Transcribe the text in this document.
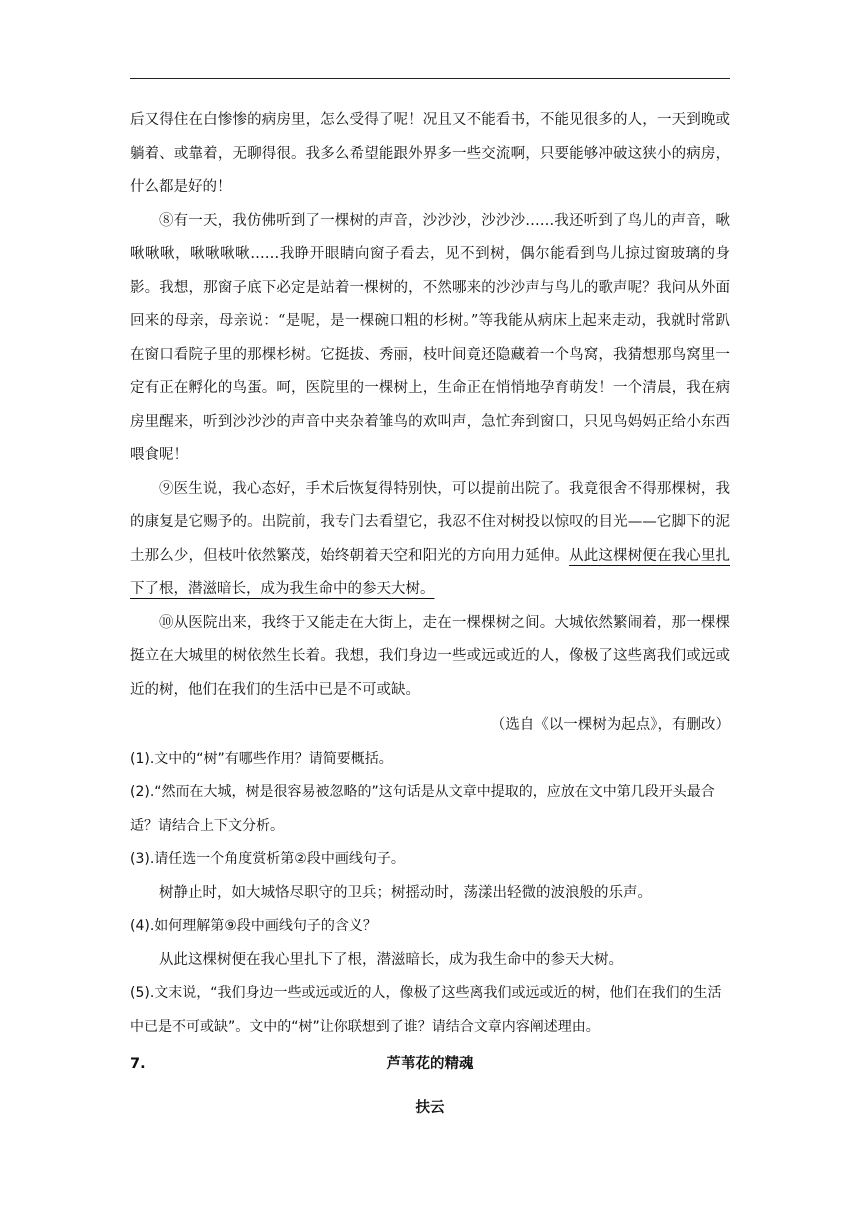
后又得住在白惨惨的病房里，怎么受得了呢！况且又不能看书，不能见很多的人，一天到晚或躺着、或靠着，无聊得很。我多么希望能跟外界多一些交流啊，只要能够冲破这狭小的病房，什么都是好的！

⑧有一天，我仿佛听到了一棵树的声音，沙沙沙，沙沙沙……我还听到了鸟儿的声音，啾啾啾啾，啾啾啾啾……我睁开眼睛向窗子看去，见不到树，偶尔能看到鸟儿掠过窗玻璃的身影。我想，那窗子底下必定是站着一棵树的，不然哪来的沙沙声与鸟儿的歌声呢？我问从外面回来的母亲，母亲说：“是呢，是一棵碗口粗的杉树。”等我能从病床上起来走动，我就时常趴在窗口看院子里的那棵杉树。它挺拔、秀丽，枝叶间竟还隐藏着一个鸟窝，我猜想那鸟窝里一定有正在孵化的鸟蛋。呵，医院里的一棵树上，生命正在悄悄地孕育萌发！一个清晨，我在病房里醒来，听到沙沙沙的声音中夹杂着雏鸟的欢叫声，急忙奔到窗口，只见鸟妈妈正给小东西喂食呢！

⑨医生说，我心态好，手术后恢复得特别快，可以提前出院了。我竟很舍不得那棵树，我的康复是它赐予的。出院前，我专门去看望它，我忍不住对树投以惊叹的目光——它脚下的泥土那么少，但枝叶依然繁茂，始终朝着天空和阳光的方向用力延伸。从此这棵树便在我心里扎下了根，潜滋暗长，成为我生命中的参天大树。

⑩从医院出来，我终于又能走在大街上，走在一棵棵树之间。大城依然繁闹着，那一棵棵挺立在大城里的树依然生长着。我想，我们身边一些或远或近的人，像极了这些离我们或远或近的树，他们在我们的生活中已是不可或缺。

（选自《以一棵树为起点》，有删改）

(1).文中的“树”有哪些作用？请简要概括。

(2).“然而在大城，树是很容易被忽略的”这句话是从文章中提取的，应放在文中第几段开头最合适？请结合上下文分析。

(3).请任选一个角度赏析第②段中画线句子。

树静止时，如大城恪尽职守的卫兵；树摇动时，荡漾出轻微的波浪般的乐声。

(4).如何理解第⑨段中画线句子的含义？

从此这棵树便在我心里扎下了根，潜滋暗长，成为我生命中的参天大树。

(5).文末说，“我们身边一些或远或近的人，像极了这些离我们或远或近的树，他们在我们的生活中已是不可或缺”。文中的“树”让你联想到了谁？请结合文章内容阐述理由。

7.	芦苇花的精魂
扶云
